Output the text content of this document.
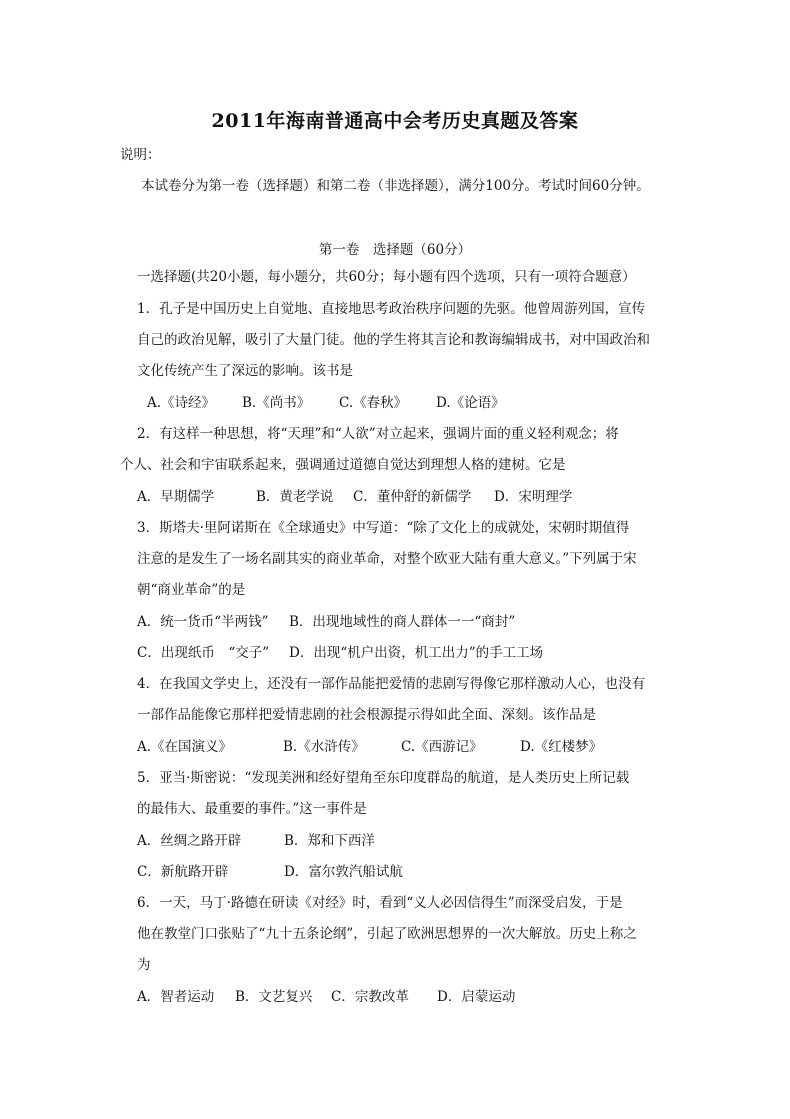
2011年海南普通高中会考历史真题及答案
说明：
本试卷分为第一卷（选择题）和第二卷（非选择题），满分100分。考试时间60分钟。
第一卷　选择题（60分）
一选择题(共20小题，每小题分，共60分；每小题有四个选项，只有一项符合题意）
1．孔子是中国历史上自觉地、直接地思考政治秩序问题的先驱。他曾周游列国，宣传
自己的政治见解，吸引了大量门徒。他的学生将其言论和教诲编辑成书，对中国政治和
文化传统产生了深远的影响。该书是
A.《诗经》 B.《尚书》 C.《春秋》 D.《论语》
2．有这样一种思想，将“天理”和“人欲”对立起来，强调片面的重义轻利观念；将
个人、社会和宇宙联系起来，强调通过道德自觉达到理想人格的建树。它是
A．早期儒学	B．黄老学说 C．董仲舒的新儒学 D．宋明理学
3．斯塔夫·里阿诺斯在《全球通史》中写道：“除了文化上的成就处，宋朝时期值得
注意的是发生了一场名副其实的商业革命，对整个欧亚大陆有重大意义。”下列属于宋
朝“商业革命”的是
A．统一货币“半两钱” B．出现地域性的商人群体一一“商封”
C．出现纸币　“交子” D．出现“机户出资，机工出力”的手工工场
4．在我国文学史上，还没有一部作品能把爱情的悲剧写得像它那样激动人心，也没有
一部作品能像它那样把爱情悲剧的社会根源提示得如此全面、深刻。该作品是
A.《在国演义》	B.《水浒传》	C.《西游记》	D.《红楼梦》
5．亚当·斯密说：“发现美洲和经好望角至东印度群岛的航道，是人类历史上所记载
的最伟大、最重要的事件。”这一事件是
A．丝绸之路开辟	B．郑和下西洋
C．新航路开辟	D．富尔敦汽船试航
6．一天，马丁·路德在研读《对经》时，看到“义人必因信得生”而深受启发，于是
他在教堂门口张贴了“九十五条论纲”，引起了欧洲思想界的一次大解放。历史上称之
为
A．智者运动 B．文艺复兴 C．宗教改革 D．启蒙运动
